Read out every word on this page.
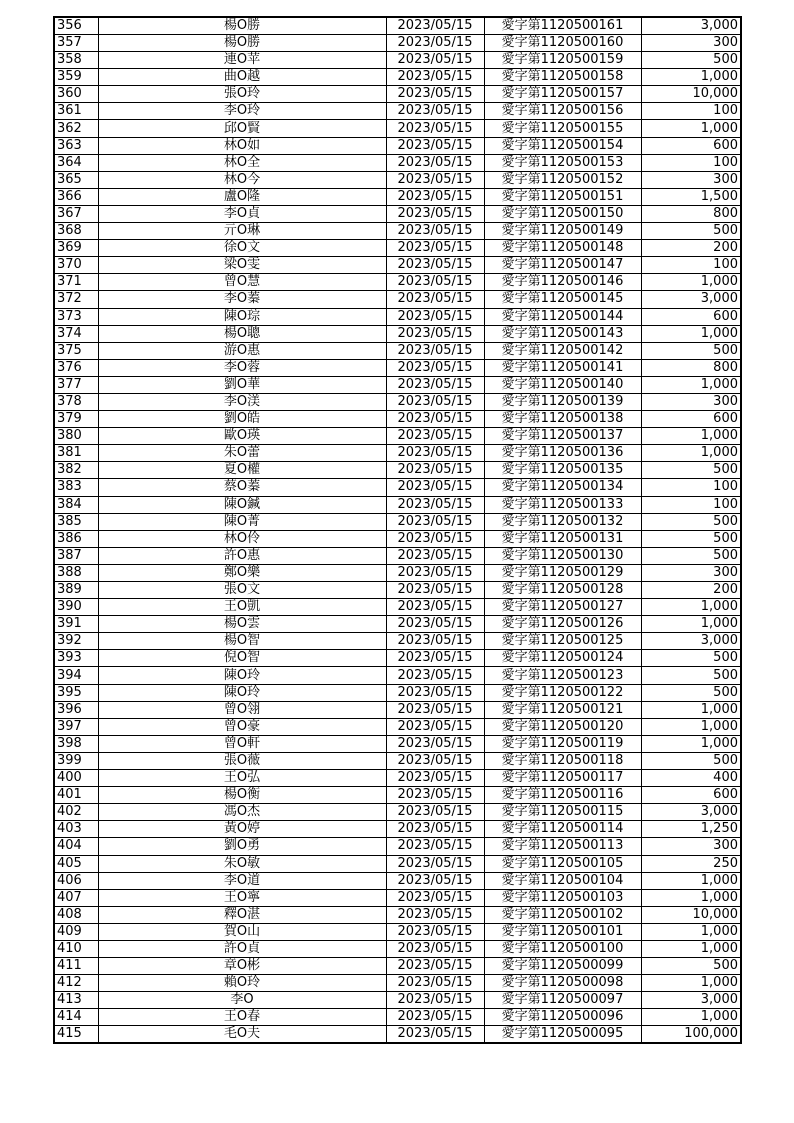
356	楊O勝	2023/05/15	愛字第1120500161	3,000
357	楊O勝	2023/05/15	愛字第1120500160	300
358	連O苹	2023/05/15	愛字第1120500159	500
359	曲O越	2023/05/15	愛字第1120500158	1,000
360	張O玲	2023/05/15	愛字第1120500157	10,000
361	李O玲	2023/05/15	愛字第1120500156	100
362	邱O賢	2023/05/15	愛字第1120500155	1,000
363	林O如	2023/05/15	愛字第1120500154	600
364	林O全	2023/05/15	愛字第1120500153	100
365	林O今	2023/05/15	愛字第1120500152	300
366	盧O隆	2023/05/15	愛字第1120500151	1,500
367	李O貞	2023/05/15	愛字第1120500150	800
368	亓O琳	2023/05/15	愛字第1120500149	500
369	徐O文	2023/05/15	愛字第1120500148	200
370	梁O雯	2023/05/15	愛字第1120500147	100
371	曾O慧	2023/05/15	愛字第1120500146	1,000
372	李O蓁	2023/05/15	愛字第1120500145	3,000
373	陳O琮	2023/05/15	愛字第1120500144	600
374	楊O聰	2023/05/15	愛字第1120500143	1,000
375	游O惠	2023/05/15	愛字第1120500142	500
376	李O蓉	2023/05/15	愛字第1120500141	800
377	劉O華	2023/05/15	愛字第1120500140	1,000
378	李O渼	2023/05/15	愛字第1120500139	300
379	劉O皓	2023/05/15	愛字第1120500138	600
380	歐O瑛	2023/05/15	愛字第1120500137	1,000
381	朱O蕾	2023/05/15	愛字第1120500136	1,000
382	夏O權	2023/05/15	愛字第1120500135	500
383	蔡O蓁	2023/05/15	愛字第1120500134	100
384	陳O鍼	2023/05/15	愛字第1120500133	100
385	陳O菁	2023/05/15	愛字第1120500132	500
386	林O伶	2023/05/15	愛字第1120500131	500
387	許O惠	2023/05/15	愛字第1120500130	500
388	鄭O樂	2023/05/15	愛字第1120500129	300
389	張O文	2023/05/15	愛字第1120500128	200
390	王O凱	2023/05/15	愛字第1120500127	1,000
391	楊O雲	2023/05/15	愛字第1120500126	1,000
392	楊O智	2023/05/15	愛字第1120500125	3,000
393	倪O智	2023/05/15	愛字第1120500124	500
394	陳O玲	2023/05/15	愛字第1120500123	500
395	陳O玲	2023/05/15	愛字第1120500122	500
396	曾O翎	2023/05/15	愛字第1120500121	1,000
397	曾O豪	2023/05/15	愛字第1120500120	1,000
398	曾O軒	2023/05/15	愛字第1120500119	1,000
399	張O薇	2023/05/15	愛字第1120500118	500
400	王O弘	2023/05/15	愛字第1120500117	400
401	楊O衡	2023/05/15	愛字第1120500116	600
402	馮O杰	2023/05/15	愛字第1120500115	3,000
403	黃O婷	2023/05/15	愛字第1120500114	1,250
404	劉O勇	2023/05/15	愛字第1120500113	300
405	朱O敏	2023/05/15	愛字第1120500105	250
406	李O道	2023/05/15	愛字第1120500104	1,000
407	王O寧	2023/05/15	愛字第1120500103	1,000
408	釋O湛	2023/05/15	愛字第1120500102	10,000
409	賀O山	2023/05/15	愛字第1120500101	1,000
410	許O貞	2023/05/15	愛字第1120500100	1,000
411	章O彬	2023/05/15	愛字第1120500099	500
412	賴O玲	2023/05/15	愛字第1120500098	1,000
413	李O	2023/05/15	愛字第1120500097	3,000
414	王O春	2023/05/15	愛字第1120500096	1,000
415	毛O夫	2023/05/15	愛字第1120500095	100,000
